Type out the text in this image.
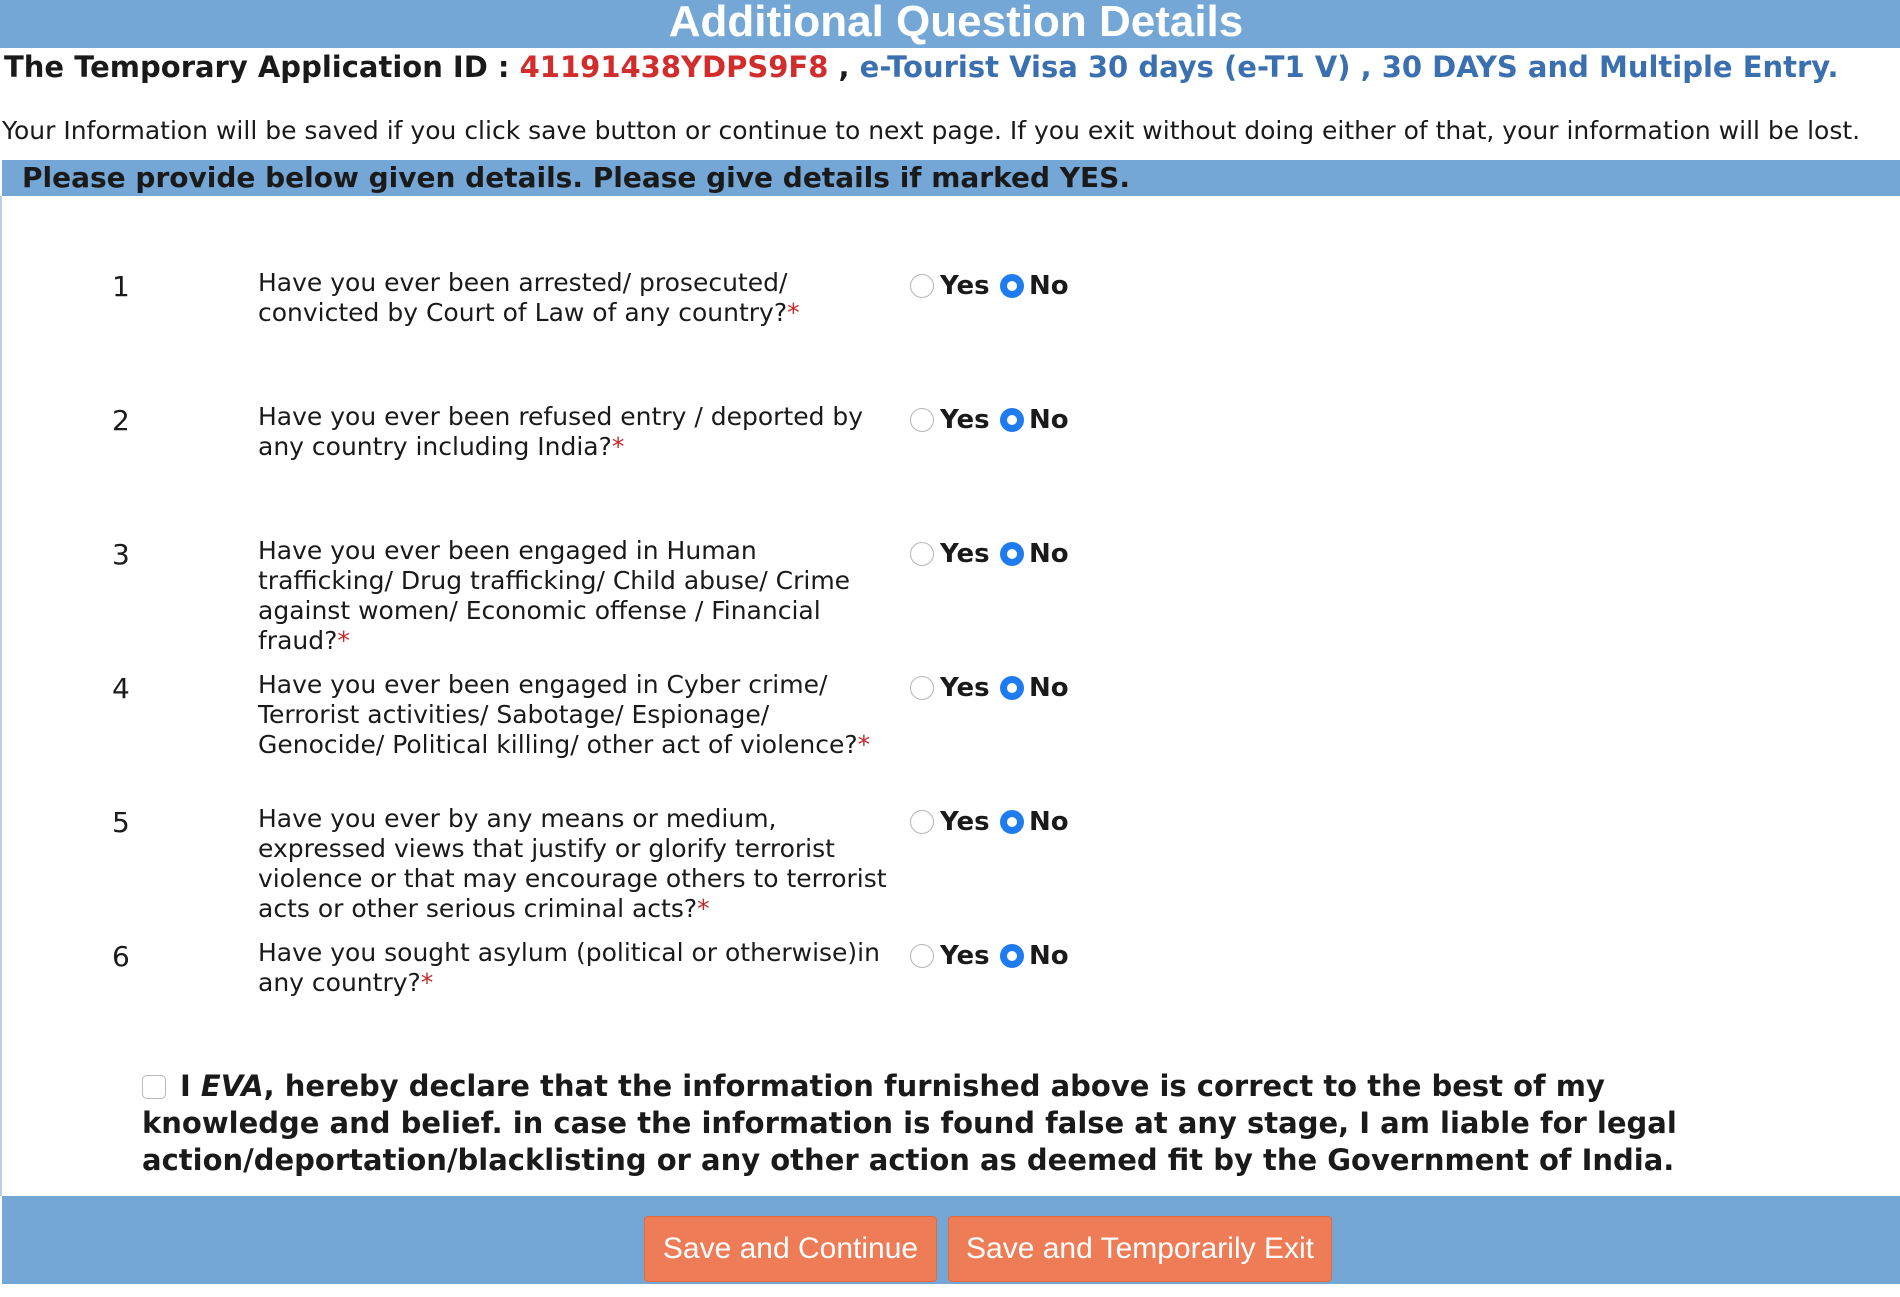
Additional Question Details
The Temporary Application ID : 41191438YDPS9F8 , e-Tourist Visa 30 days (e-T1 V) , 30 DAYS and Multiple Entry.
Your Information will be saved if you click save button or continue to next page. If you exit without doing either of that, your information will be lost.
Please provide below given details. Please give details if marked YES.
1	Have you ever been arrested/ prosecuted/ convicted by Court of Law of any country?*
Yes No
2	Have you ever been refused entry / deported by any country including India?*
Yes No
3	Have you ever been engaged in Human trafficking/ Drug trafficking/ Child abuse/ Crime against women/ Economic offense / Financial fraud?*
Yes No
4	Have you ever been engaged in Cyber crime/ Terrorist activities/ Sabotage/ Espionage/ Genocide/ Political killing/ other act of violence?*
Yes No
5	Have you ever by any means or medium, expressed views that justify or glorify terrorist violence or that may encourage others to terrorist acts or other serious criminal acts?*
Yes No
6	Have you sought asylum (political or otherwise)in any country?*
Yes No
I EVA, hereby declare that the information furnished above is correct to the best of my knowledge and belief. in case the information is found false at any stage, I am liable for legal action/deportation/blacklisting or any other action as deemed fit by the Government of India.
Save and Continue	Save and Temporarily Exit
